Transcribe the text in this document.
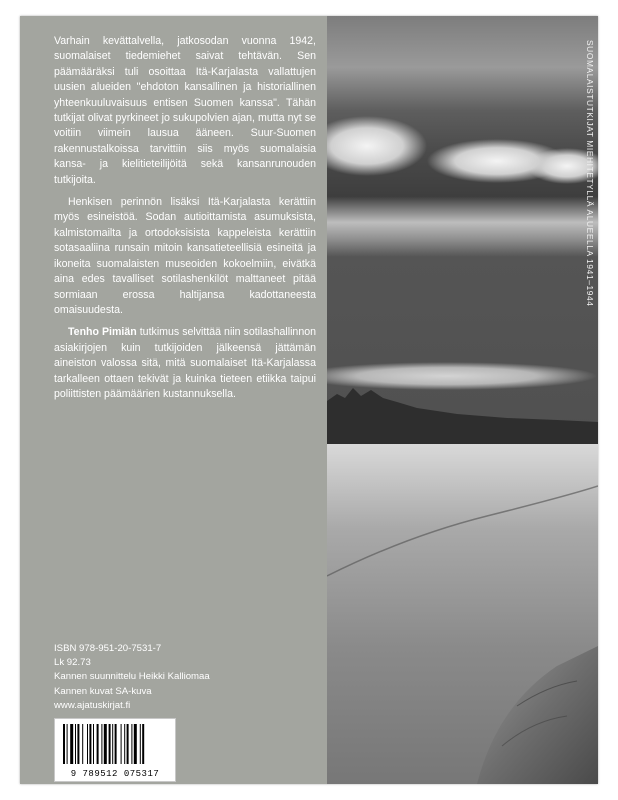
Varhain kevättalvella, jatkosodan vuonna 1942, suomalaiset tiedemiehet saivat tehtävän. Sen päämääräksi tuli osoittaa Itä-Karjalasta vallattujen uusien alueiden "ehdoton kansallinen ja historiallinen yhteenkuuluvaisuus entisen Suomen kanssa". Tähän tutkijat olivat pyrkineet jo sukupolvien ajan, mutta nyt se voitiin viimein lausua ääneen. Suur-Suomen rakennustalkoissa tarvittiin siis myös suomalaisia kansa- ja kielitieteilijöitä sekä kansanrunouden tutkijoita.

Henkisen perinnön lisäksi Itä-Karjalasta kerättiin myös esineistöä. Sodan autioittamista asumuksista, kalmistomailta ja ortodoksisista kappeleista kerättiin sotasaaliina runsain mitoin kansatieteellisiä esineitä ja ikoneita suomalaisten museoiden kokoelmiin, eivätkä aina edes tavalliset sotilashenkilöt malttaneet pitää sormiaan erossa haltijansa kadottaneesta omaisuudesta.

Tenho Pimiän tutkimus selvittää niin sotilashallinnon asiakirjojen kuin tutkijoiden jälkeensä jättämän aineiston valossa sitä, mitä suomalaiset Itä-Karjalassa tarkalleen ottaen tekivät ja kuinka tieteen etiikka taipui poliittisten päämäärien kustannuksella.

ISBN 978-951-20-7531-7
Lk 92.73
Kannen suunnittelu Heikki Kalliomaa
Kannen kuvat SA-kuva
www.ajatuskirjat.fi
9 789512 075317
SUOMALAISTUTKIJAT MIEHITETYLLÄ ALUEELLA 1941–1944
